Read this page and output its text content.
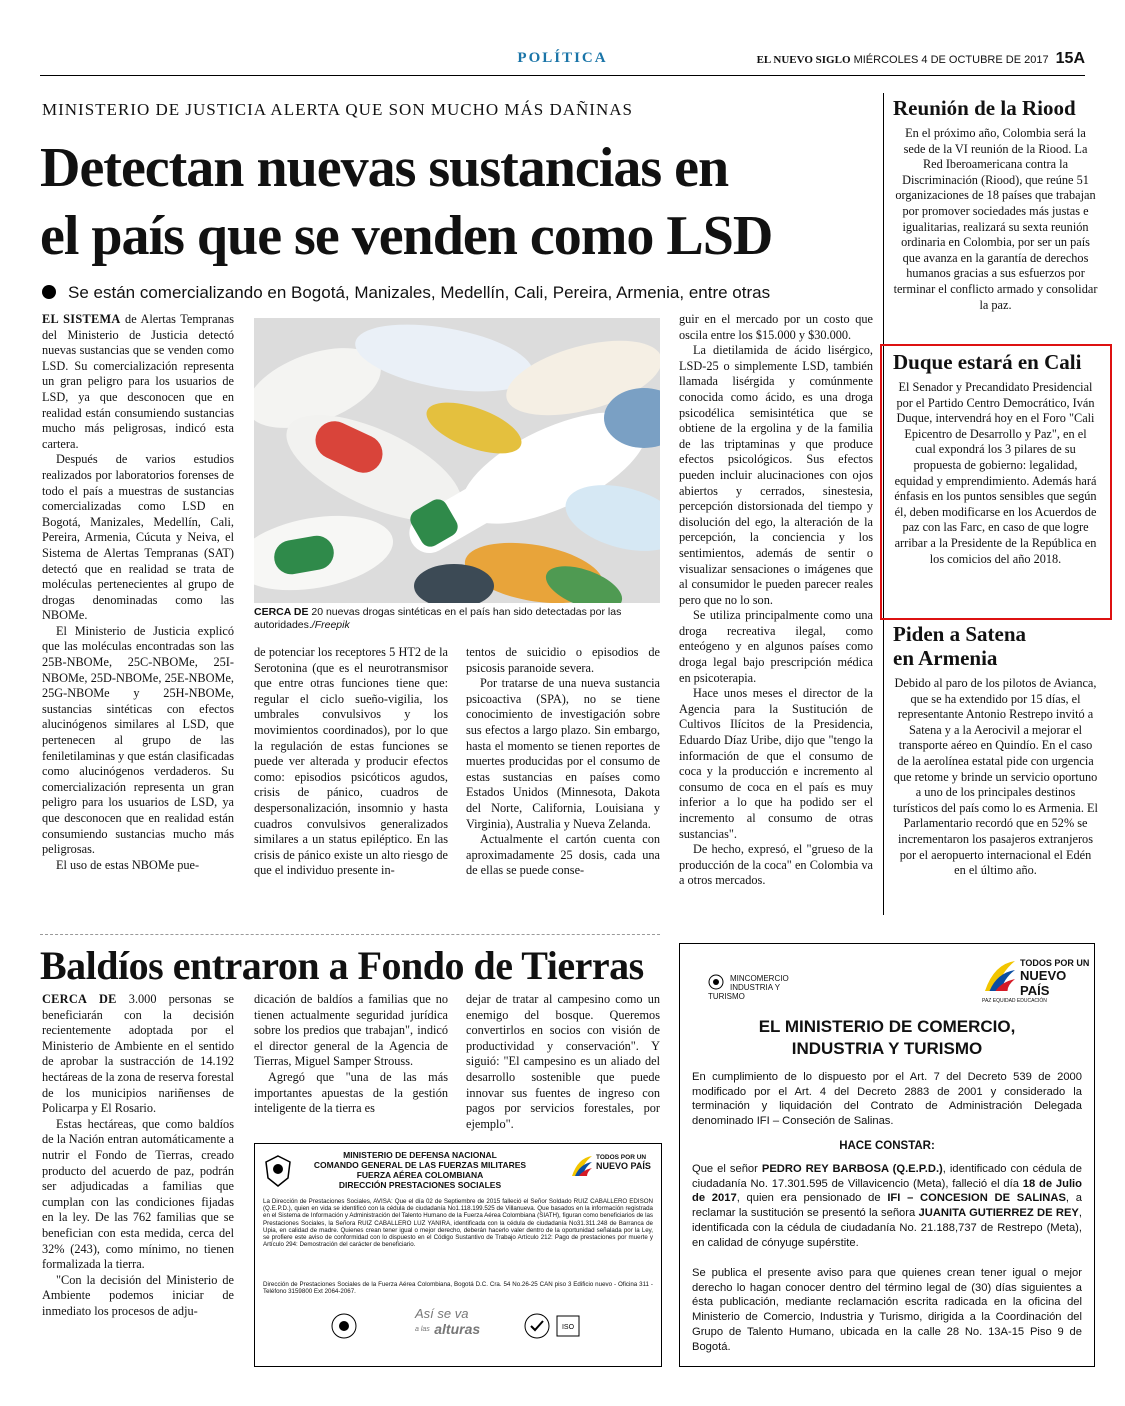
POLÍTICA	EL NUEVO SIGLO MIÉRCOLES 4 DE OCTUBRE DE 2017 15A
MINISTERIO DE JUSTICIA ALERTA QUE SON MUCHO MÁS DAÑINAS
Detectan nuevas sustancias en
el país que se venden como LSD
Se están comercializando en Bogotá, Manizales, Medellín, Cali, Pereira, Armenia, entre otras

EL SISTEMA de Alertas Tempranas del Ministerio de Justicia detectó nuevas sustancias que se venden como LSD. Su comercialización representa un gran peligro para los usuarios de LSD, ya que desconocen que en realidad están consumiendo sustancias mucho más peligrosas, indicó esta cartera.

Después de varios estudios realizados por laboratorios forenses de todo el país a muestras de sustancias comercializadas como LSD en Bogotá, Manizales, Medellín, Cali, Pereira, Armenia, Cúcuta y Neiva, el Sistema de Alertas Tempranas (SAT) detectó que en realidad se trata de moléculas pertenecientes al grupo de drogas denominadas como las NBOMe.

El Ministerio de Justicia explicó que las moléculas encontradas son las 25B-NBOMe, 25C-NBOMe, 25I-NBOMe, 25D-NBOMe, 25E-NBOMe, 25G-NBOMe y 25H-NBOMe, sustancias sintéticas con efectos alucinógenos similares al LSD, que pertenecen al grupo de las feniletilaminas y que están clasificadas como alucinógenos verdaderos. Su comercialización representa un gran peligro para los usuarios de LSD, ya que desconocen que en realidad están consumiendo sustancias mucho más peligrosas.

El uso de estas NBOMe pue-

CERCA DE 20 nuevas drogas sintéticas en el país han sido detectadas por las autoridades./Freepik

de potenciar los receptores 5 HT2 de la Serotonina (que es el neurotransmisor que entre otras funciones tiene que: regular el ciclo sueño-vigilia, los umbrales convulsivos y los movimientos coordinados), por lo que la regulación de estas funciones se puede ver alterada y producir efectos como: episodios psicóticos agudos, crisis de pánico, cuadros de despersonalización, insomnio y hasta cuadros convulsivos generalizados similares a un status epiléptico. En las crisis de pánico existe un alto riesgo de que el individuo presente in-

tentos de suicidio o episodios de psicosis paranoide severa.

Por tratarse de una nueva sustancia psicoactiva (SPA), no se tiene conocimiento de investigación sobre sus efectos a largo plazo. Sin embargo, hasta el momento se tienen reportes de muertes producidas por el consumo de estas sustancias en países como Estados Unidos (Minnesota, Dakota del Norte, California, Louisiana y Virginia), Australia y Nueva Zelanda.

Actualmente el cartón cuenta con aproximadamente 25 dosis, cada una de ellas se puede conse-

guir en el mercado por un costo que oscila entre los $15.000 y $30.000.

La dietilamida de ácido lisérgico, LSD-25 o simplemente LSD, también llamada lisérgida y comúnmente conocida como ácido, es una droga psicodélica semisintética que se obtiene de la ergolina y de la familia de las triptaminas y que produce efectos psicológicos. Sus efectos pueden incluir alucinaciones con ojos abiertos y cerrados, sinestesia, percepción distorsionada del tiempo y disolución del ego, la alteración de la percepción, la conciencia y los sentimientos, además de sentir o visualizar sensaciones o imágenes que al consumidor le pueden parecer reales pero que no lo son.

Se utiliza principalmente como una droga recreativa ilegal, como enteógeno y en algunos países como droga legal bajo prescripción médica en psicoterapia.

Hace unos meses el director de la Agencia para la Sustitución de Cultivos Ilícitos de la Presidencia, Eduardo Díaz Uribe, dijo que "tengo la información de que el consumo de coca y la producción e incremento al consumo de coca en el país es muy inferior a lo que ha podido ser el incremento al consumo de otras sustancias".

De hecho, expresó, el "grueso de la producción de la coca" en Colombia va a otros mercados.

Reunión de la Riood
En el próximo año, Colombia será la sede de la VI reunión de la Riood. La Red Iberoamericana contra la Discriminación (Riood), que reúne 51 organizaciones de 18 países que trabajan por promover sociedades más justas e igualitarias, realizará su sexta reunión ordinaria en Colombia, por ser un país que avanza en la garantía de derechos humanos gracias a sus esfuerzos por terminar el conflicto armado y consolidar la paz.
Duque estará en Cali
El Senador y Precandidato Presidencial por el Partido Centro Democrático, Iván Duque, intervendrá hoy en el Foro "Cali Epicentro de Desarrollo y Paz", en el cual expondrá los 3 pilares de su propuesta de gobierno: legalidad, equidad y emprendimiento. Además hará énfasis en los puntos sensibles que según él, deben modificarse en los Acuerdos de paz con las Farc, en caso de que logre arribar a la Presidente de la República en los comicios del año 2018.
Piden a Satena
en Armenia
Debido al paro de los pilotos de Avianca, que se ha extendido por 15 días, el representante Antonio Restrepo invitó a Satena y a la Aerocivil a mejorar el transporte aéreo en Quindío. En el caso de la aerolínea estatal pide con urgencia que retome y brinde un servicio oportuno a uno de los principales destinos turísticos del país como lo es Armenia. El Parlamentario recordó que en 52% se incrementaron los pasajeros extranjeros por el aeropuerto internacional el Edén en el último año.
Baldíos entraron a Fondo de Tierras

CERCA DE 3.000 personas se beneficiarán con la decisión recientemente adoptada por el Ministerio de Ambiente en el sentido de aprobar la sustracción de 14.192 hectáreas de la zona de reserva forestal de los municipios nariñenses de Policarpa y El Rosario.

Estas hectáreas, que como baldíos de la Nación entran automáticamente a nutrir el Fondo de Tierras, creado producto del acuerdo de paz, podrán ser adjudicadas a familias que cumplan con las condiciones fijadas en la ley. De las 762 familias que se benefician con esta medida, cerca del 32% (243), como mínimo, no tienen formalizada la tierra.

"Con la decisión del Ministerio de Ambiente podemos iniciar de inmediato los procesos de adju-

dicación de baldíos a familias que no tienen actualmente seguridad jurídica sobre los predios que trabajan", indicó el director general de la Agencia de Tierras, Miguel Samper Strouss.

Agregó que "una de las más importantes apuestas de la gestión inteligente de la tierra es

dejar de tratar al campesino como un enemigo del bosque. Queremos convertirlos en socios con visión de productividad y conservación". Y siguió: "El campesino es un aliado del desarrollo sostenible que puede innovar sus fuentes de ingreso con pagos por servicios forestales, por ejemplo".

MINISTERIO DE DEFENSA NACIONAL
COMANDO GENERAL DE LAS FUERZAS MILITARES
FUERZA AÉREA COLOMBIANA
DIRECCIÓN PRESTACIONES SOCIALES
TODOS POR UN
NUEVO PAÍS
La Dirección de Prestaciones Sociales, AVISA: Que el día 02 de Septiembre de 2015 falleció el Señor Soldado RUIZ CABALLERO EDISON (Q.E.P.D.), quien en vida se identificó con la cédula de ciudadanía No1.118.199.525 de Villanueva. Que basados en la información registrada en el Sistema de Información y Administración del Talento Humano de la Fuerza Aérea Colombiana (SIATH), figuran como beneficiarios de las Prestaciones Sociales, la Señora RUIZ CABALLERO LUZ YANIRA, identificada con la cédula de ciudadanía No31.311.248 de Barranca de Upia, en calidad de madre. Quienes crean tener igual o mejor derecho, deberán hacerlo valer dentro de la oportunidad señalada por la Ley, se profiere este aviso de conformidad con lo dispuesto en el Código Sustantivo de Trabajo Artículo 212: Pago de prestaciones por muerte y Artículo 294: Demostración del carácter de beneficiario.
Dirección de Prestaciones Sociales de la Fuerza Aérea Colombiana, Bogotá D.C. Cra. 54 No.26-25 CAN piso 3 Edificio nuevo - Oficina 311 - Teléfono 3159800 Ext 2064-2067.
Así se va
a las alturas	ISO
MINCOMERCIO
INDUSTRIA Y TURISMO
TODOS POR UN
NUEVO PAÍS
PAZ EQUIDAD EDUCACIÓN
EL MINISTERIO DE COMERCIO,
INDUSTRIA Y TURISMO
En cumplimiento de lo dispuesto por el Art. 7 del Decreto 539 de 2000 modificado por el Art. 4 del Decreto 2883 de 2001 y considerado la terminación y liquidación del Contrato de Administración Delegada denominado IFI – Conseción de Salinas.
HACE CONSTAR:
Que el señor PEDRO REY BARBOSA (Q.E.P.D.), identificado con cédula de ciudadanía No. 17.301.595 de Villavicencio (Meta), falleció el día 18 de Julio de 2017, quien era pensionado de IFI – CONCESION DE SALINAS, a reclamar la sustitución se presentó la señora JUANITA GUTIERREZ DE REY, identificada con la cédula de ciudadanía No. 21.188,737 de Restrepo (Meta), en calidad de cónyuge supérstite.
Se publica el presente aviso para que quienes crean tener igual o mejor derecho lo hagan conocer dentro del término legal de (30) días siguientes a ésta publicación, mediante reclamación escrita radicada en la oficina del Ministerio de Comercio, Industria y Turismo, dirigida a la Coordinación del Grupo de Talento Humano, ubicada en la calle 28 No. 13A-15 Piso 9 de Bogotá.
